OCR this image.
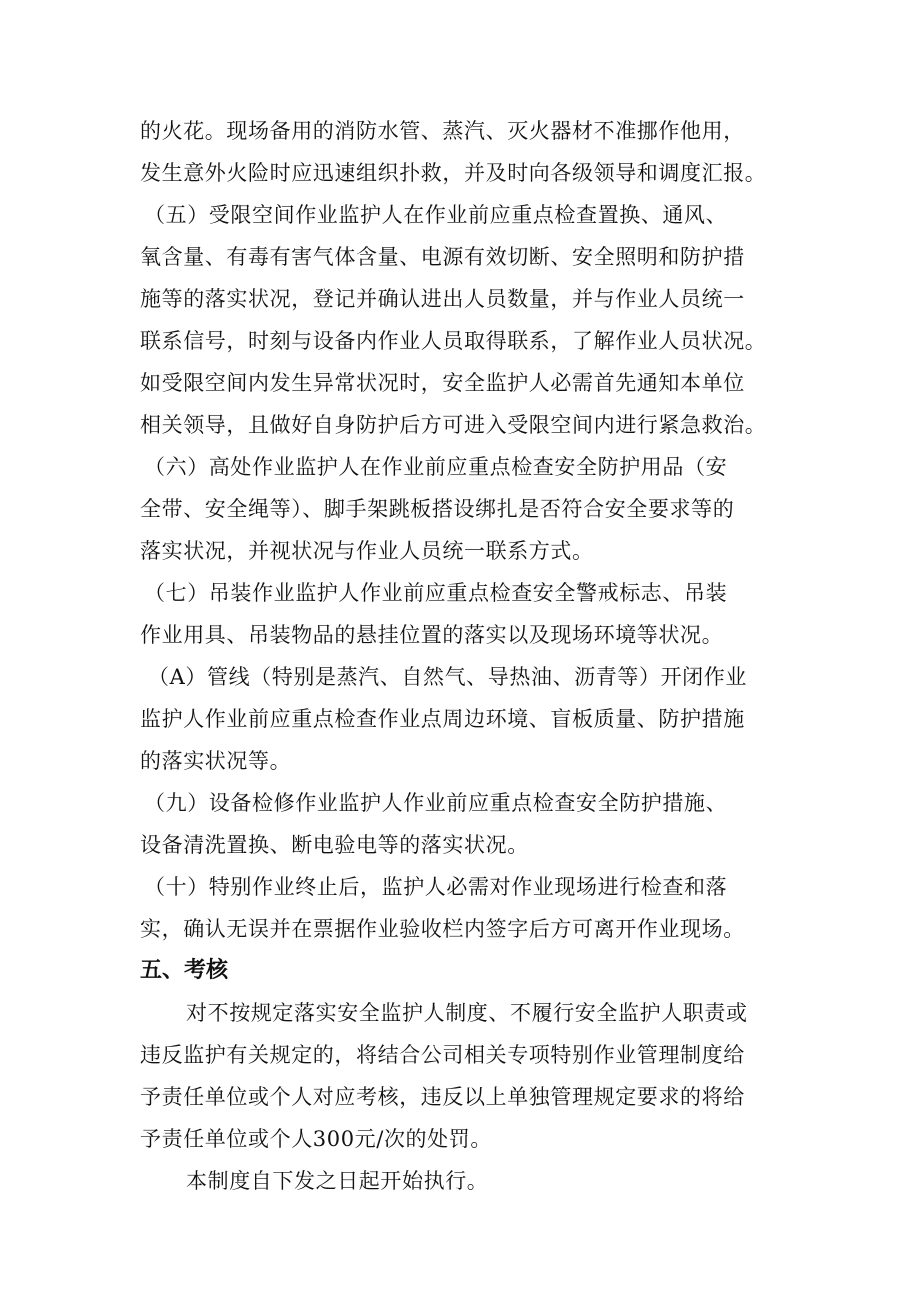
的火花。现场备用的消防水管、蒸汽、灭火器材不准挪作他用，
发生意外火险时应迅速组织扑救，并及时向各级领导和调度汇报。
（五）受限空间作业监护人在作业前应重点检查置换、通风、
氧含量、有毒有害气体含量、电源有效切断、安全照明和防护措
施等的落实状况，登记并确认进出人员数量，并与作业人员统一
联系信号，时刻与设备内作业人员取得联系，了解作业人员状况。
如受限空间内发生异常状况时，安全监护人必需首先通知本单位
相关领导，且做好自身防护后方可进入受限空间内进行紧急救治。
（六）高处作业监护人在作业前应重点检查安全防护用品（安
全带、安全绳等）、脚手架跳板搭设绑扎是否符合安全要求等的
落实状况，并视状况与作业人员统一联系方式。
（七）吊装作业监护人作业前应重点检查安全警戒标志、吊装
作业用具、吊装物品的悬挂位置的落实以及现场环境等状况。
（A）管线（特别是蒸汽、自然气、导热油、沥青等）开闭作业
监护人作业前应重点检查作业点周边环境、盲板质量、防护措施
的落实状况等。
（九）设备检修作业监护人作业前应重点检查安全防护措施、
设备清洗置换、断电验电等的落实状况。
（十）特别作业终止后，监护人必需对作业现场进行检查和落
实，确认无误并在票据作业验收栏内签字后方可离开作业现场。
五、考核
对不按规定落实安全监护人制度、不履行安全监护人职责或
违反监护有关规定的，将结合公司相关专项特别作业管理制度给
予责任单位或个人对应考核，违反以上单独管理规定要求的将给
予责任单位或个人300元/次的处罚。
本制度自下发之日起开始执行。
